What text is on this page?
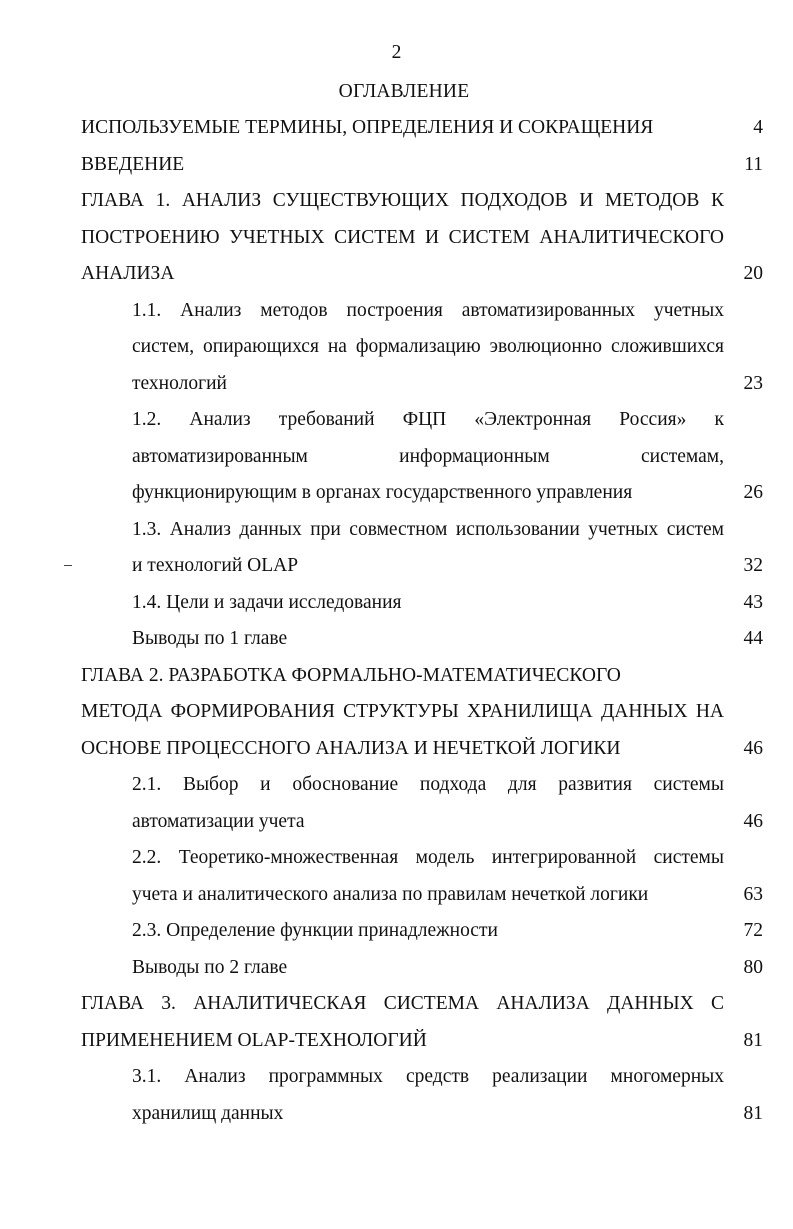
2
ОГЛАВЛЕНИЕ
ИСПОЛЬЗУЕМЫЕ ТЕРМИНЫ, ОПРЕДЕЛЕНИЯ И СОКРАЩЕНИЯ	4
ВВЕДЕНИЕ	11
ГЛАВА 1. АНАЛИЗ СУЩЕСТВУЮЩИХ ПОДХОДОВ И МЕТОДОВ К
ПОСТРОЕНИЮ УЧЕТНЫХ СИСТЕМ И СИСТЕМ АНАЛИТИЧЕСКОГО
АНАЛИЗА	20
1.1. Анализ методов построения автоматизированных учетных
систем, опирающихся на формализацию эволюционно сложившихся
технологий	23
1.2. Анализ требований ФЦП «Электронная Россия» к
автоматизированным информационным системам,
функционирующим в органах государственного управления	26
1.3. Анализ данных при совместном использовании учетных систем
и технологий OLAP	32
1.4. Цели и задачи исследования	43
Выводы по 1 главе	44
ГЛАВА 2. РАЗРАБОТКА ФОРМАЛЬНО-МАТЕМАТИЧЕСКОГО
МЕТОДА ФОРМИРОВАНИЯ СТРУКТУРЫ ХРАНИЛИЩА ДАННЫХ НА
ОСНОВЕ ПРОЦЕССНОГО АНАЛИЗА И НЕЧЕТКОЙ ЛОГИКИ	46
2.1. Выбор и обоснование подхода для развития системы
автоматизации учета	46
2.2. Теоретико-множественная модель интегрированной системы
учета и аналитического анализа по правилам нечеткой логики	63
2.3. Определение функции принадлежности	72
Выводы по 2 главе	80
ГЛАВА 3. АНАЛИТИЧЕСКАЯ СИСТЕМА АНАЛИЗА ДАННЫХ С
ПРИМЕНЕНИЕМ OLAP-ТЕХНОЛОГИЙ	81
3.1. Анализ программных средств реализации многомерных
хранилищ данных	81
